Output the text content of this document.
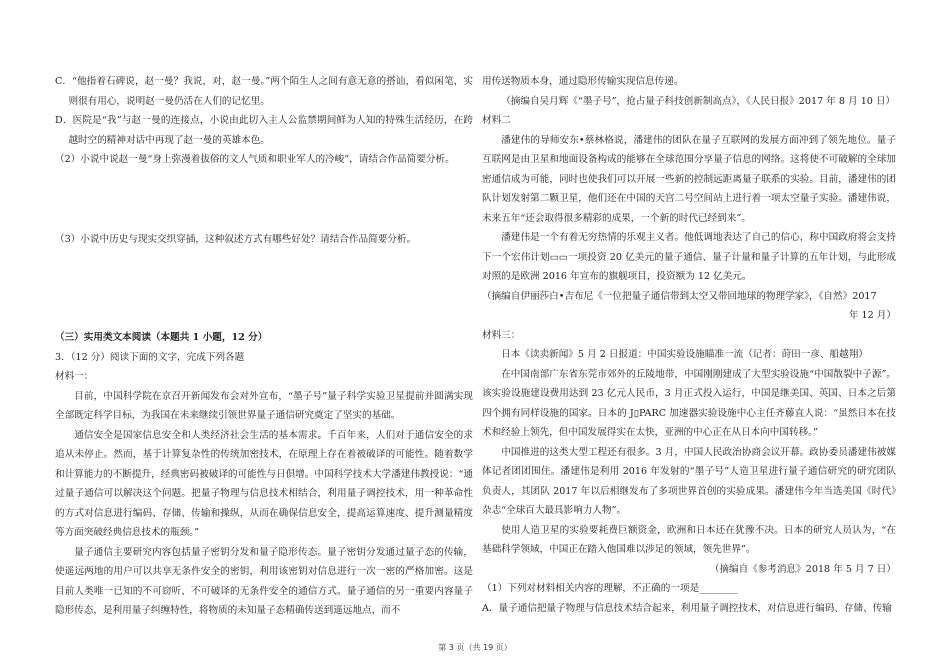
C．“他指着石碑说，赵一曼？我说，对，赵一曼。”两个陌生人之间有意无意的搭讪，看似闲笔，实则很有用心，说明赵一曼仍活在人们的记忆里。

D．医院是“我”与赵一曼的连接点，小说由此切入主人公监禁期间鲜为人知的特殊生活经历，在跨越时空的精神对话中再现了赵一曼的英雄本色。

（2）小说中说赵一曼“身上弥漫着拔俗的文人气质和职业军人的冷峻”，请结合作品简要分析。

（3）小说中历史与现实交织穿插，这种叙述方式有哪些好处？请结合作品简要分析。

（三）实用类文本阅读（本题共 1 小题，12 分）

3．（12 分）阅读下面的文字，完成下列各题

材料一：

目前，中国科学院在京召开新闻发布会对外宣布，“墨子号”量子科学实验卫星提前并圆满实现全部既定科学目标，为我国在未来继续引领世界量子通信研究奠定了坚实的基础。

通信安全是国家信息安全和人类经济社会生活的基本需求。千百年来，人们对于通信安全的求追从未停止。然而，基于计算复杂性的传统加密技术，在原理上存在着被破译的可能性。随着数学和计算能力的不断提升，经典密码被破译的可能性与日俱增。中国科学技术大学潘建伟教授说：“通过量子通信可以解决这个问题。把量子物理与信息技术相结合，利用量子调控技术，用一种革命性的方式对信息进行编码、存储、传输和操纵，从而在确保信息安全，提高运算速度、提升测量精度等方面突破经典信息技术的瓶颈。”

量子通信主要研究内容包括量子密钥分发和量子隐形传态。量子密钥分发通过量子态的传输，使遥远两地的用户可以共享无条件安全的密钥，利用该密钥对信息进行一次一密的严格加密。这是目前人类唯一已知的不可窃听、不可破译的无条件安全的通信方式。量子通信的另一重要内容量子隐形传态，是利用量子纠缠特性，将物质的未知量子态精确传送到遥远地点，而不

用传送物质本身，通过隐形传输实现信息传递。

（摘编自吴月辉《“墨子号”，抢占量子科技创新制高点》，《人民日报》2017 年 8 月 10 日）

材料二

潘建伟的导师安东•蔡林格说，潘建伟的团队在量子互联网的发展方面冲到了领先地位。量子互联网是由卫星和地面设备构成的能够在全球范围分享量子信息的网络。这将使不可破解的全球加密通信成为可能，同时也使我们可以开展一些新的控制远距离量子联系的实验。目前，潘建伟的团队计划发射第二颗卫星，他们还在中国的天宫二号空间站上进行着一项太空量子实验。潘建伟说，未来五年“还会取得很多精彩的成果，一个新的时代已经到来”。

潘建伟是一个有着无穷热情的乐观主义者。他低调地表达了自己的信心，称中国政府将会支持下一个宏伟计划▭▭一项投资 20 亿美元的量子通信、量子计量和量子计算的五年计划，与此形成对照的是欧洲 2016 年宣布的旗舰项目，投资额为 12 亿美元。

（摘编自伊丽莎白•吉布尼《一位把量子通信带到太空又带回地球的物理学家》，《自然》2017

年 12 月）

材料三：

日本《读卖新闻》5 月 2 日报道：中国实验设施瞄准一流（记者：莳田一彦、船越翔）

在中国南部广东省东莞市郊外的丘陵地带，中国刚刚建成了大型实验设施“中国散裂中子源”。该实验设施建设费用达到 23 亿元人民币，3 月正式投入运行，中国是继美国、英国、日本之后第四个拥有同样设施的国家。日本的 J▯PARC 加速器实验设施中心主任齐藤直人说：“虽然日本在技术和经验上领先，但中国发展得实在太快，亚洲的中心正在从日本向中国转移。”

中国推进的这类大型工程还有很多。3 月，中国人民政治协商会议开幕。政协委员潘建伟被媒体记者团团围住。潘建伟是利用 2016 年发射的“墨子号”人造卫星进行量子通信研究的研究团队负责人，其团队 2017 年以后相继发布了多项世界首创的实验成果。潘建伟今年当选美国《时代》杂志“全球百大最具影响力人物”。

使用人造卫星的实验要耗费巨额资金，欧洲和日本还在犹豫不决。日本的研究人员认为，“在基础科学领域，中国正在踏入他国难以涉足的领域，领先世界”。

（摘编自《参考消息》2018 年 5 月 7 日）

（1）下列对材料相关内容的理解，不正确的一项是________

A．量子通信把量子物理与信息技术结合起来，利用量子调控技术，对信息进行编码、存储、传输

第 3 页（共 19 页）
